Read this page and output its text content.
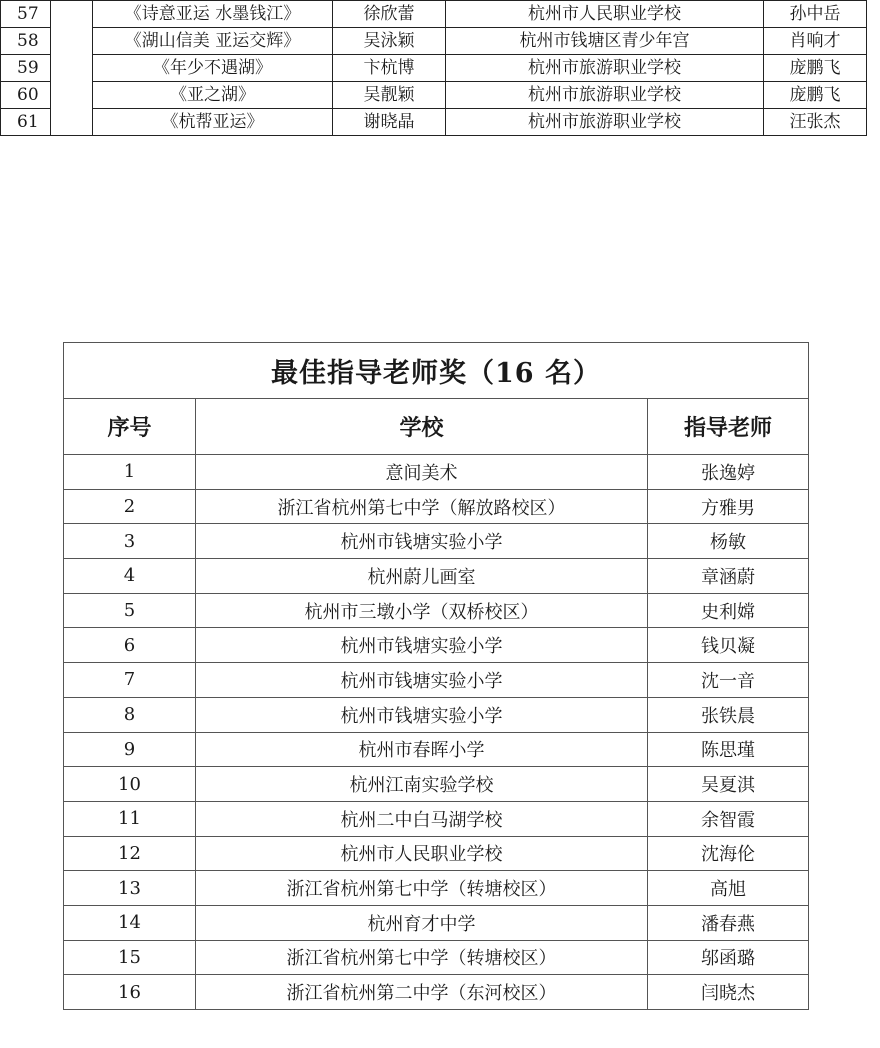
57		《诗意亚运 水墨钱江》	徐欣蕾	杭州市人民职业学校	孙中岳
58		《湖山信美 亚运交辉》	吴泳颖	杭州市钱塘区青少年宫	肖响才
59		《年少不遇湖》	卞杭博	杭州市旅游职业学校	庞鹏飞
60		《亚之湖》	吴靓颖	杭州市旅游职业学校	庞鹏飞
61		《杭帮亚运》	谢晓晶	杭州市旅游职业学校	汪张杰
最佳指导老师奖（16 名）		
序号	学校	指导老师
1	意间美术	张逸婷
2	浙江省杭州第七中学（解放路校区）	方雅男
3	杭州市钱塘实验小学	杨敏
4	杭州蔚儿画室	章涵蔚
5	杭州市三墩小学（双桥校区）	史利嫦
6	杭州市钱塘实验小学	钱贝凝
7	杭州市钱塘实验小学	沈一音
8	杭州市钱塘实验小学	张铁晨
9	杭州市春晖小学	陈思瑾
10	杭州江南实验学校	吴夏淇
11	杭州二中白马湖学校	余智霞
12	杭州市人民职业学校	沈海伦
13	浙江省杭州第七中学（转塘校区）	高旭
14	杭州育才中学	潘春燕
15	浙江省杭州第七中学（转塘校区）	邬函璐
16	浙江省杭州第二中学（东河校区）	闫晓杰
